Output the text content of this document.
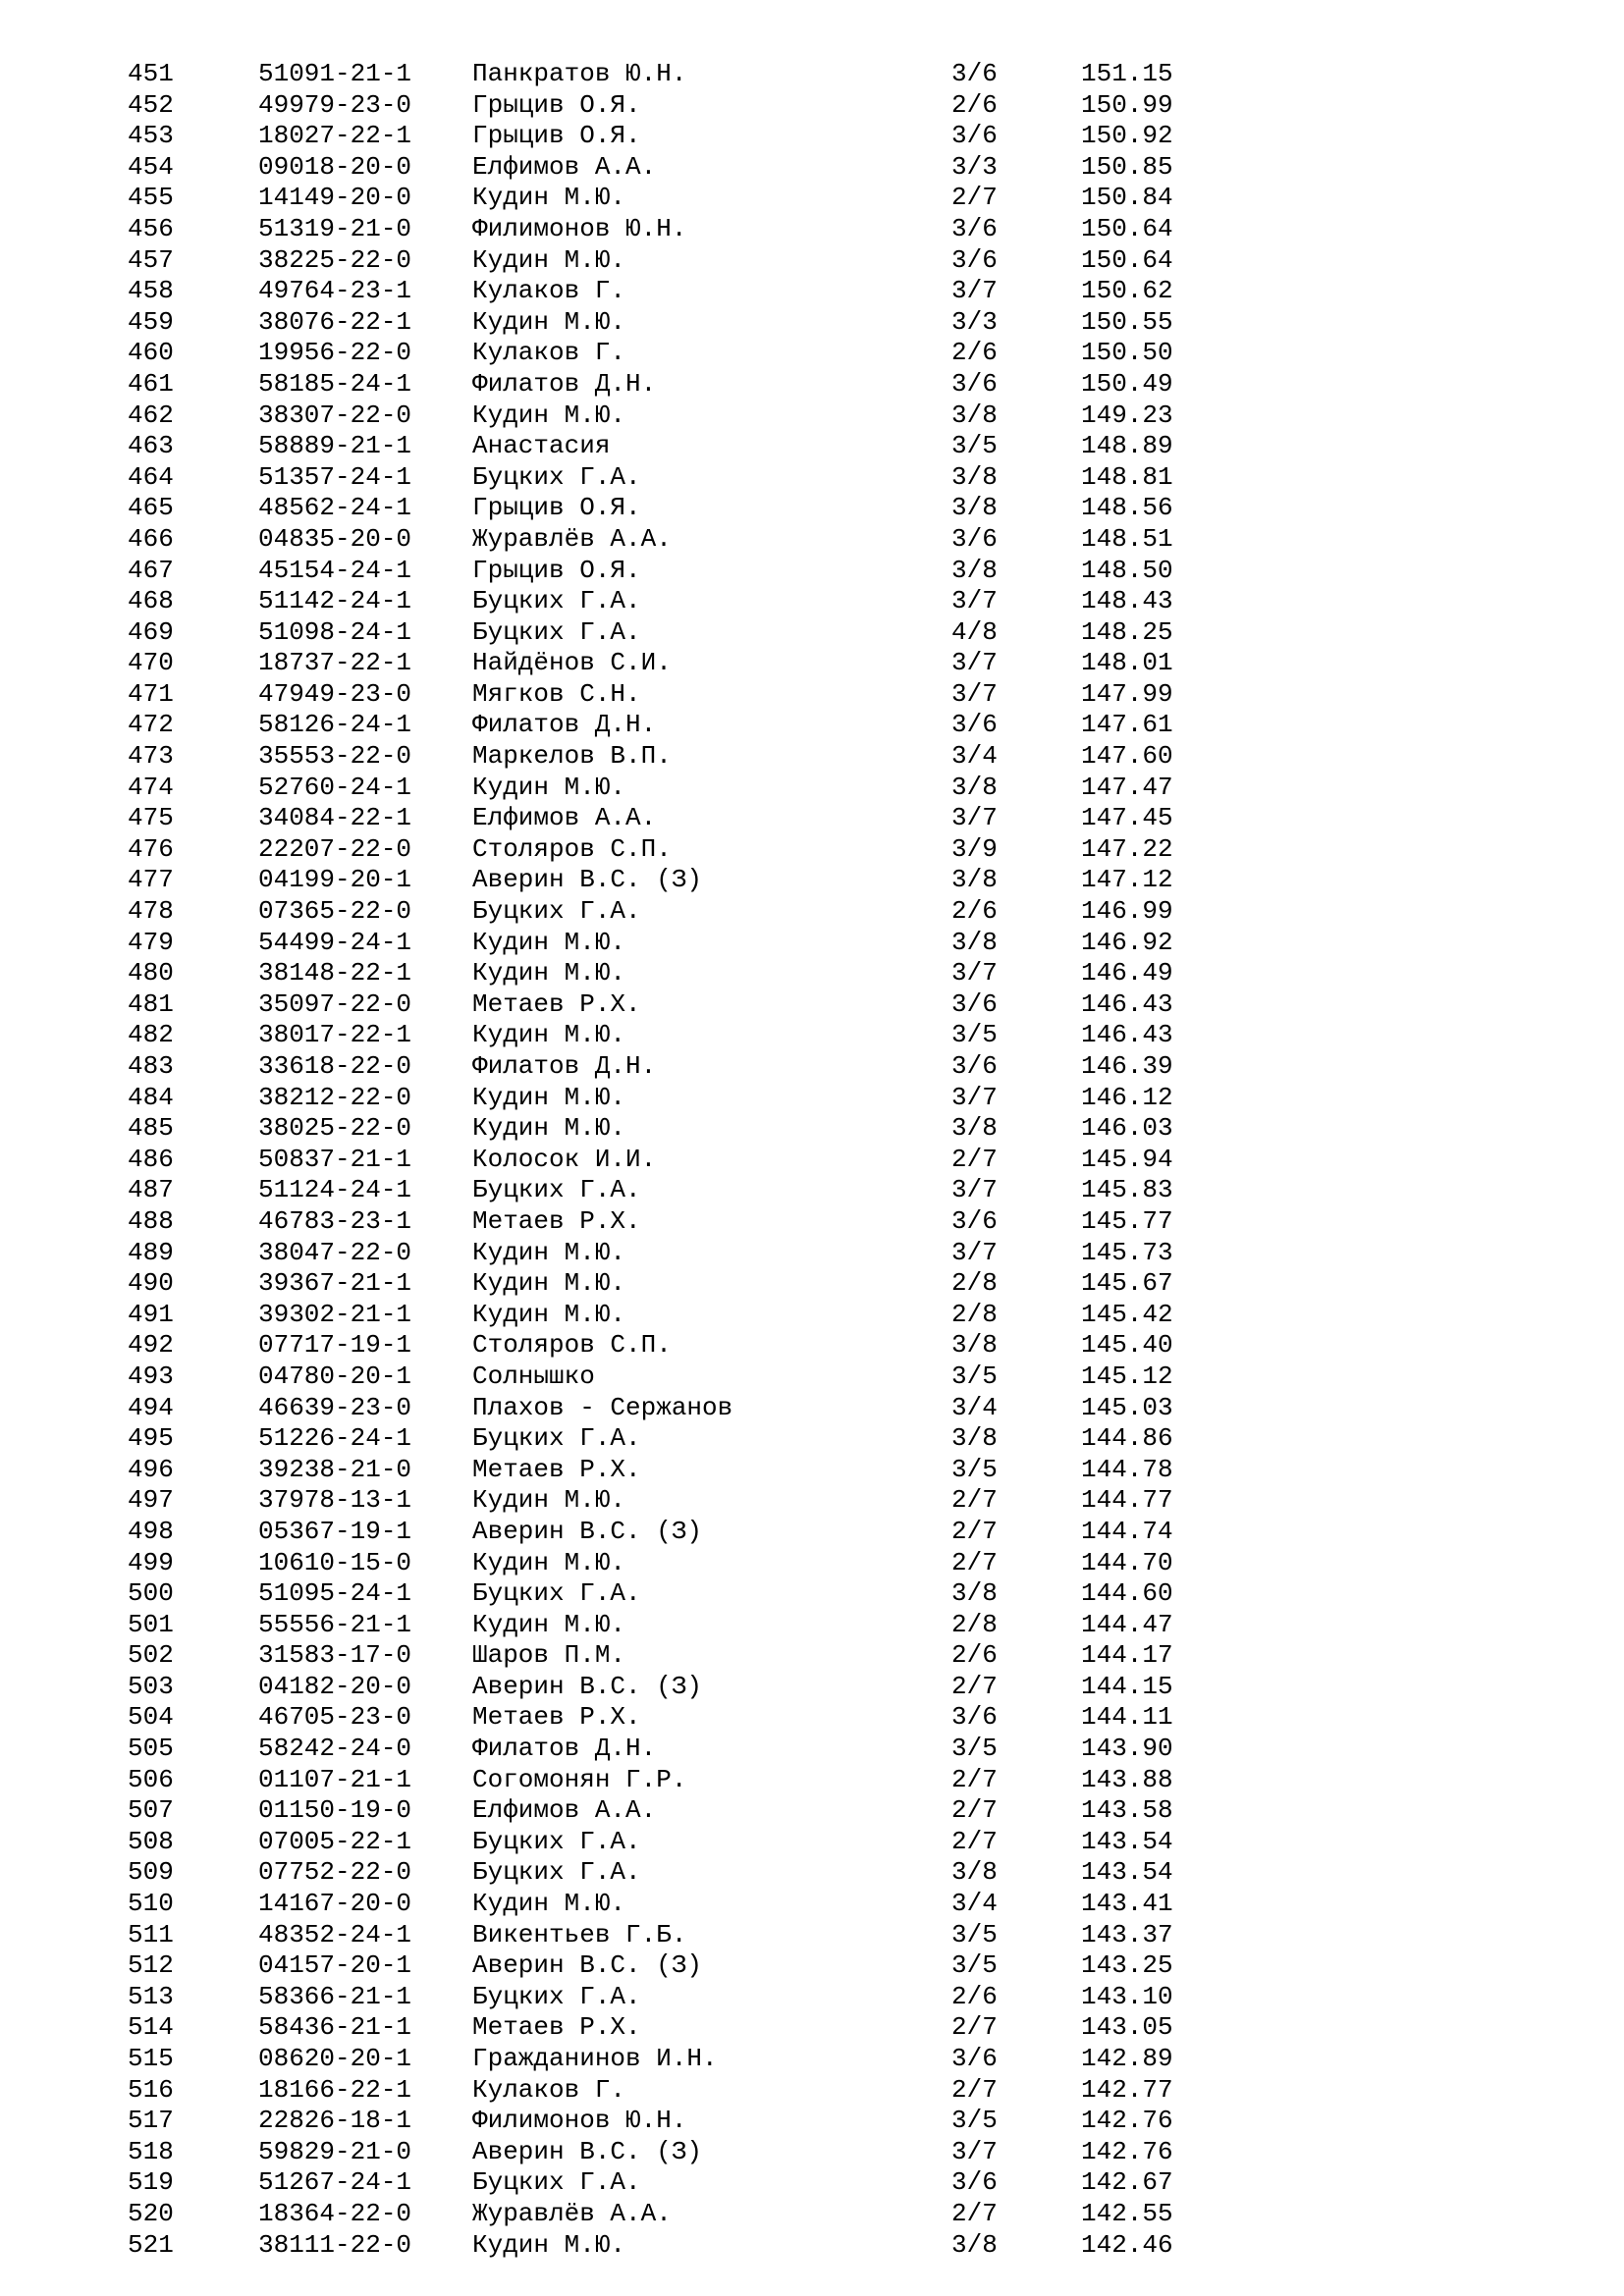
451	51091-21-1 Панкратов Ю.Н.	3/6	151.15
452	49979-23-0 Грыцив О.Я.	2/6	150.99
453	18027-22-1 Грыцив О.Я.	3/6	150.92
454	09018-20-0 Елфимов А.А.	3/3	150.85
455	14149-20-0 Кудин М.Ю.	2/7	150.84
456	51319-21-0 Филимонов Ю.Н.	3/6	150.64
457	38225-22-0 Кудин М.Ю.	3/6	150.64
458	49764-23-1 Кулаков Г.	3/7	150.62
459	38076-22-1 Кудин М.Ю.	3/3	150.55
460	19956-22-0 Кулаков Г.	2/6	150.50
461	58185-24-1 Филатов Д.Н.	3/6	150.49
462	38307-22-0 Кудин М.Ю.	3/8	149.23
463	58889-21-1 Анастасия	3/5	148.89
464	51357-24-1 Буцких Г.А.	3/8	148.81
465	48562-24-1 Грыцив О.Я.	3/8	148.56
466	04835-20-0 Журавлёв А.А.	3/6	148.51
467	45154-24-1 Грыцив О.Я.	3/8	148.50
468	51142-24-1 Буцких Г.А.	3/7	148.43
469	51098-24-1 Буцких Г.А.	4/8	148.25
470	18737-22-1 Найдёнов С.И.	3/7	148.01
471	47949-23-0 Мягков С.Н.	3/7	147.99
472	58126-24-1 Филатов Д.Н.	3/6	147.61
473	35553-22-0 Маркелов В.П.	3/4	147.60
474	52760-24-1 Кудин М.Ю.	3/8	147.47
475	34084-22-1 Елфимов А.А.	3/7	147.45
476	22207-22-0 Столяров С.П.	3/9	147.22
477	04199-20-1 Аверин В.С. (З)	3/8	147.12
478	07365-22-0 Буцких Г.А.	2/6	146.99
479	54499-24-1 Кудин М.Ю.	3/8	146.92
480	38148-22-1 Кудин М.Ю.	3/7	146.49
481	35097-22-0 Метаев Р.Х.	3/6	146.43
482	38017-22-1 Кудин М.Ю.	3/5	146.43
483	33618-22-0 Филатов Д.Н.	3/6	146.39
484	38212-22-0 Кудин М.Ю.	3/7	146.12
485	38025-22-0 Кудин М.Ю.	3/8	146.03
486	50837-21-1 Колосок И.И.	2/7	145.94
487	51124-24-1 Буцких Г.А.	3/7	145.83
488	46783-23-1 Метаев Р.Х.	3/6	145.77
489	38047-22-0 Кудин М.Ю.	3/7	145.73
490	39367-21-1 Кудин М.Ю.	2/8	145.67
491	39302-21-1 Кудин М.Ю.	2/8	145.42
492	07717-19-1 Столяров С.П.	3/8	145.40
493	04780-20-1 Солнышко	3/5	145.12
494	46639-23-0 Плахов - Сержанов	3/4	145.03
495	51226-24-1 Буцких Г.А.	3/8	144.86
496	39238-21-0 Метаев Р.Х.	3/5	144.78
497	37978-13-1 Кудин М.Ю.	2/7	144.77
498	05367-19-1 Аверин В.С. (З)	2/7	144.74
499	10610-15-0 Кудин М.Ю.	2/7	144.70
500	51095-24-1 Буцких Г.А.	3/8	144.60
501	55556-21-1 Кудин М.Ю.	2/8	144.47
502	31583-17-0 Шаров П.М.	2/6	144.17
503	04182-20-0 Аверин В.С. (З)	2/7	144.15
504	46705-23-0 Метаев Р.Х.	3/6	144.11
505	58242-24-0 Филатов Д.Н.	3/5	143.90
506	01107-21-1 Согомонян Г.Р.	2/7	143.88
507	01150-19-0 Елфимов А.А.	2/7	143.58
508	07005-22-1 Буцких Г.А.	2/7	143.54
509	07752-22-0 Буцких Г.А.	3/8	143.54
510	14167-20-0 Кудин М.Ю.	3/4	143.41
511	48352-24-1 Викентьев Г.Б.	3/5	143.37
512	04157-20-1 Аверин В.С. (З)	3/5	143.25
513	58366-21-1 Буцких Г.А.	2/6	143.10
514	58436-21-1 Метаев Р.Х.	2/7	143.05
515	08620-20-1 Гражданинов И.Н.	3/6	142.89
516	18166-22-1 Кулаков Г.	2/7	142.77
517	22826-18-1 Филимонов Ю.Н.	3/5	142.76
518	59829-21-0 Аверин В.С. (З)	3/7	142.76
519	51267-24-1 Буцких Г.А.	3/6	142.67
520	18364-22-0 Журавлёв А.А.	2/7	142.55
521	38111-22-0 Кудин М.Ю.	3/8	142.46
